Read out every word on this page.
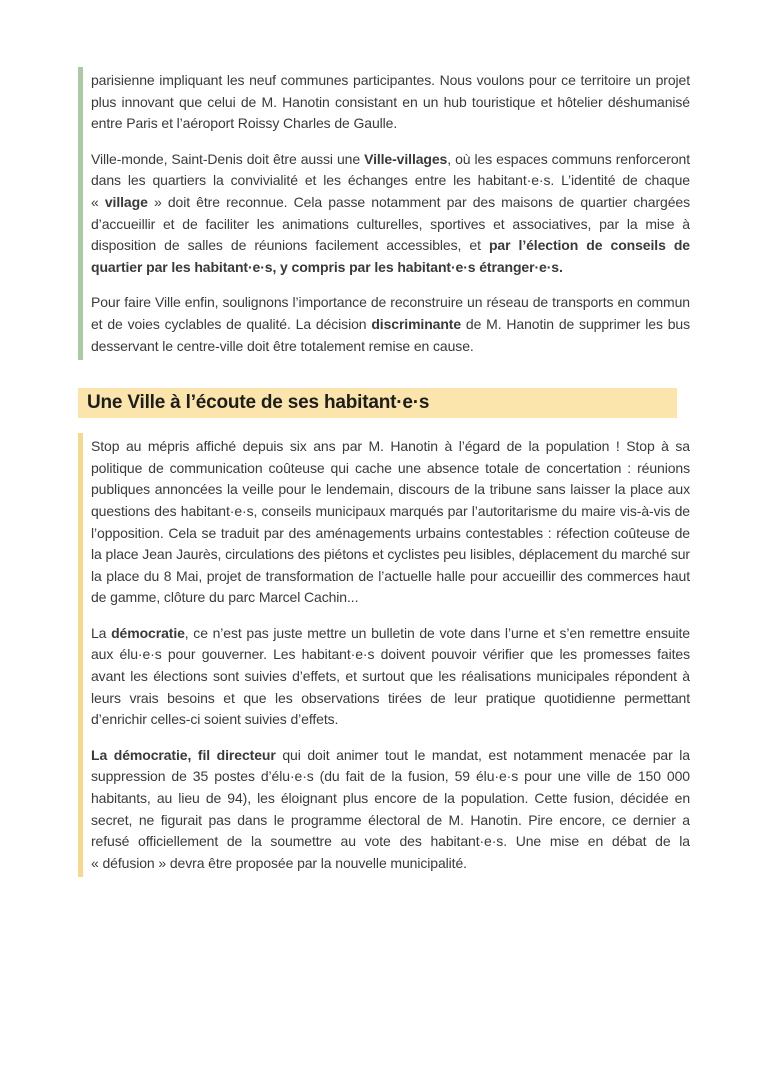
parisienne impliquant les neuf communes participantes. Nous voulons pour ce territoire un projet plus innovant que celui de M. Hanotin consistant en un hub touristique et hôtelier déshumanisé entre Paris et l’aéroport Roissy Charles de Gaulle.

Ville-monde, Saint-Denis doit être aussi une Ville-villages, où les espaces communs renforceront dans les quartiers la convivialité et les échanges entre les habitant·e·s. L’identité de chaque « village » doit être reconnue. Cela passe notamment par des maisons de quartier chargées d’accueillir et de faciliter les animations culturelles, sportives et associatives, par la mise à disposition de salles de réunions facilement accessibles, et par l’élection de conseils de quartier par les habitant·e·s, y compris par les habitant·e·s étranger·e·s.

Pour faire Ville enfin, soulignons l’importance de reconstruire un réseau de transports en commun et de voies cyclables de qualité. La décision discriminante de M. Hanotin de supprimer les bus desservant le centre-ville doit être totalement remise en cause.

Une Ville à l’écoute de ses habitant·e·s

Stop au mépris affiché depuis six ans par M. Hanotin à l’égard de la population ! Stop à sa politique de communication coûteuse qui cache une absence totale de concertation : réunions publiques annoncées la veille pour le lendemain, discours de la tribune sans laisser la place aux questions des habitant·e·s, conseils municipaux marqués par l’autoritarisme du maire vis-à-vis de l’opposition. Cela se traduit par des aménagements urbains contestables : réfection coûteuse de la place Jean Jaurès, circulations des piétons et cyclistes peu lisibles, déplacement du marché sur la place du 8 Mai, projet de transformation de l’actuelle halle pour accueillir des commerces haut de gamme, clôture du parc Marcel Cachin...

La démocratie, ce n’est pas juste mettre un bulletin de vote dans l’urne et s’en remettre ensuite aux élu·e·s pour gouverner. Les habitant·e·s doivent pouvoir vérifier que les promesses faites avant les élections sont suivies d’effets, et surtout que les réalisations municipales répondent à leurs vrais besoins et que les observations tirées de leur pratique quotidienne permettant d’enrichir celles-ci soient suivies d’effets.

La démocratie, fil directeur qui doit animer tout le mandat, est notamment menacée par la suppression de 35 postes d’élu·e·s (du fait de la fusion, 59 élu·e·s pour une ville de 150 000 habitants, au lieu de 94), les éloignant plus encore de la population. Cette fusion, décidée en secret, ne figurait pas dans le programme électoral de M. Hanotin. Pire encore, ce dernier a refusé officiellement de la soumettre au vote des habitant·e·s. Une mise en débat de la « défusion » devra être proposée par la nouvelle municipalité.
